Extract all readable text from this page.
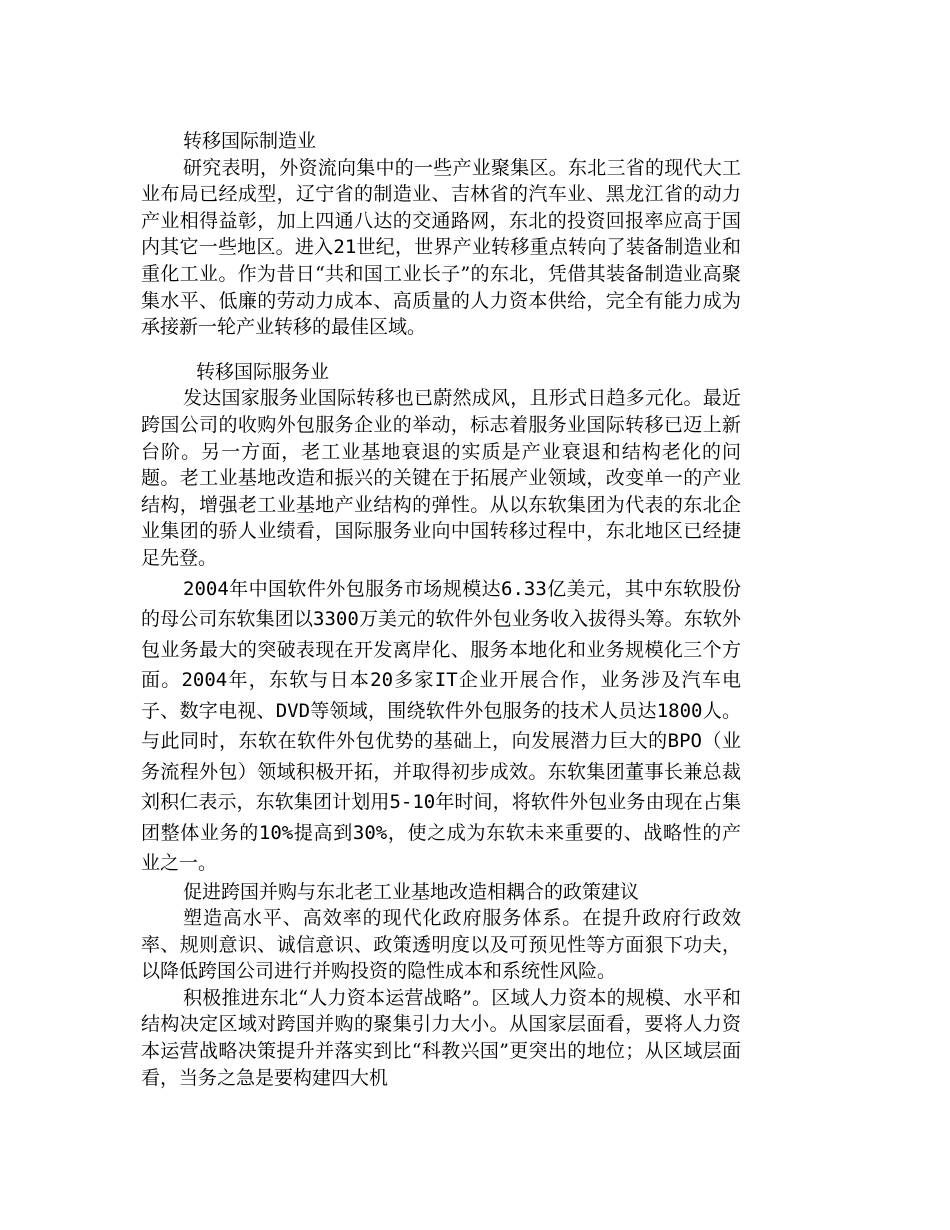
转移国际制造业

研究表明，外资流向集中的一些产业聚集区。东北三省的现代大工业布局已经成型，辽宁省的制造业、吉林省的汽车业、黑龙江省的动力产业相得益彰，加上四通八达的交通路网，东北的投资回报率应高于国内其它一些地区。进入21世纪，世界产业转移重点转向了装备制造业和重化工业。作为昔日“共和国工业长子”的东北，凭借其装备制造业高聚集水平、低廉的劳动力成本、高质量的人力资本供给，完全有能力成为承接新一轮产业转移的最佳区域。

转移国际服务业

发达国家服务业国际转移也已蔚然成风，且形式日趋多元化。最近跨国公司的收购外包服务企业的举动，标志着服务业国际转移已迈上新台阶。另一方面，老工业基地衰退的实质是产业衰退和结构老化的问题。老工业基地改造和振兴的关键在于拓展产业领域，改变单一的产业结构，增强老工业基地产业结构的弹性。从以东软集团为代表的东北企业集团的骄人业绩看，国际服务业向中国转移过程中，东北地区已经捷足先登。

2004年中国软件外包服务市场规模达6.33亿美元，其中东软股份的母公司东软集团以3300万美元的软件外包业务收入拔得头筹。东软外包业务最大的突破表现在开发离岸化、服务本地化和业务规模化三个方面。2004年，东软与日本20多家IT企业开展合作，业务涉及汽车电子、数字电视、DVD等领域，围绕软件外包服务的技术人员达1800人。与此同时，东软在软件外包优势的基础上，向发展潜力巨大的BPO（业务流程外包）领域积极开拓，并取得初步成效。东软集团董事长兼总裁刘积仁表示，东软集团计划用5-10年时间，将软件外包业务由现在占集团整体业务的10%提高到30%，使之成为东软未来重要的、战略性的产业之一。

促进跨国并购与东北老工业基地改造相耦合的政策建议

塑造高水平、高效率的现代化政府服务体系。在提升政府行政效率、规则意识、诚信意识、政策透明度以及可预见性等方面狠下功夫，以降低跨国公司进行并购投资的隐性成本和系统性风险。

积极推进东北“人力资本运营战略”。区域人力资本的规模、水平和结构决定区域对跨国并购的聚集引力大小。从国家层面看，要将人力资本运营战略决策提升并落实到比“科教兴国”更突出的地位；从区域层面看，当务之急是要构建四大机
